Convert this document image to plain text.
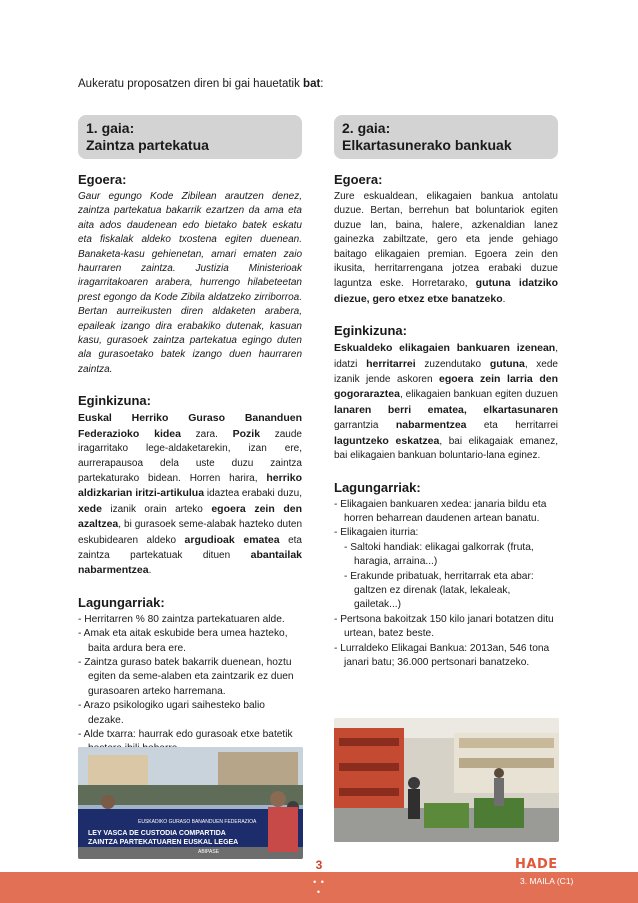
Aukeratu proposatzen diren bi gai hauetatik bat:
1. gaia:
Zaintza partekatua
Egoera:
Gaur egungo Kode Zibilean arautzen denez, zaintza partekatua bakarrik ezartzen da ama eta aita ados daudenean edo bietako batek eskatu eta fiskalak aldeko txostena egiten duenean. Banaketa-kasu gehienetan, amari ematen zaio haurraren zaintza. Justizia Ministerioak iragarritakoaren arabera, hurrengo hilabeteetan prest egongo da Kode Zibila aldatzeko zirriborroa. Bertan aurreikusten diren aldaketen arabera, epaileak izango dira erabakiko dutenak, kasuan kasu, gurasoek zaintza partekatua egingo duten ala gurasoetako batek izango duen haurraren zaintza.
Eginkizuna:
Euskal Herriko Guraso Bananduen Federazioko kidea zara. Pozik zaude iragarritako lege-aldaketarekin, izan ere, aurrerapausoa dela uste duzu zaintza partekaturako bidean. Horren harira, herriko aldizkarian iritzi-artikulua idaztea erabaki duzu, xede izanik orain arteko egoera zein den azaltzea, bi gurasoek seme-alabak hazteko duten eskubidearen aldeko argudioak ematea eta zaintza partekatuak dituen abantailak nabarmentzea.
Lagungarriak:
- Herritarren % 80 zaintza partekatuaren alde.
- Amak eta aitak eskubide bera umea hazteko, baita ardura bera ere.
- Zaintza guraso batek bakarrik duenean, hoztu egiten da seme-alaben eta zaintzarik ez duen gurasoaren arteko harremana.
- Arazo psikologiko ugari saihesteko balio dezake.
- Alde txarra: haurrak edo gurasoak etxe batetik
EUSKADIKO GURASO BANANDUEN FEDERAZIOA
LEY VASCA DE CUSTODIA COMPARTIDA
ZAINTZA PARTEKATUAREN EUSKAL LEGEA
ABIPASE
2. gaia:
Elkartasunerako bankuak
Egoera:
Zure eskualdean, elikagaien bankua antolatu duzue. Bertan, berrehun bat boluntariok egiten duzue lan, baina, halere, azkenaldian lanez gainezka zabiltzate, gero eta jende gehiago baitago elikagaien premian. Egoera zein den ikusita, herritarrengana jotzea erabaki duzue laguntza eske. Horretarako, gutuna idatziko diezue, gero etxez etxe banatzeko.
Eginkizuna:
Eskualdeko elikagaien bankuaren izenean, idatzi herritarrei zuzendutako gutuna, xede izanik jende askoren egoera zein larria den gogoraraztea, elikagaien bankuan egiten duzuen lanaren berri ematea, elkartasunaren garrantzia nabarmentzea eta herritarrei laguntzeko eskatzea, bai elikagaiak emanez, bai elikagaien bankuan boluntario-lana eginez.
Lagungarriak:
- Elikagaien bankuaren xedea: janaria bildu eta horren beharrean daudenen artean banatu.
- Elikagaien iturria:
- Saltoki handiak: elikagai galkorrak (fruta, haragia, arraina...)
- Erakunde pribatuak, herritarrak eta abar: galtzen ez direnak (latak, lekaleak, gailetak...)
- Pertsona bakoitzak 150 kilo janari botatzen ditu urtean, batez beste.
- Lurraldeko Elikagai Bankua: 2013an, 546 tona janari batu; 36.000 pertsonari banatzeko.
3	HADE
• • •
3. MAILA (C1)
